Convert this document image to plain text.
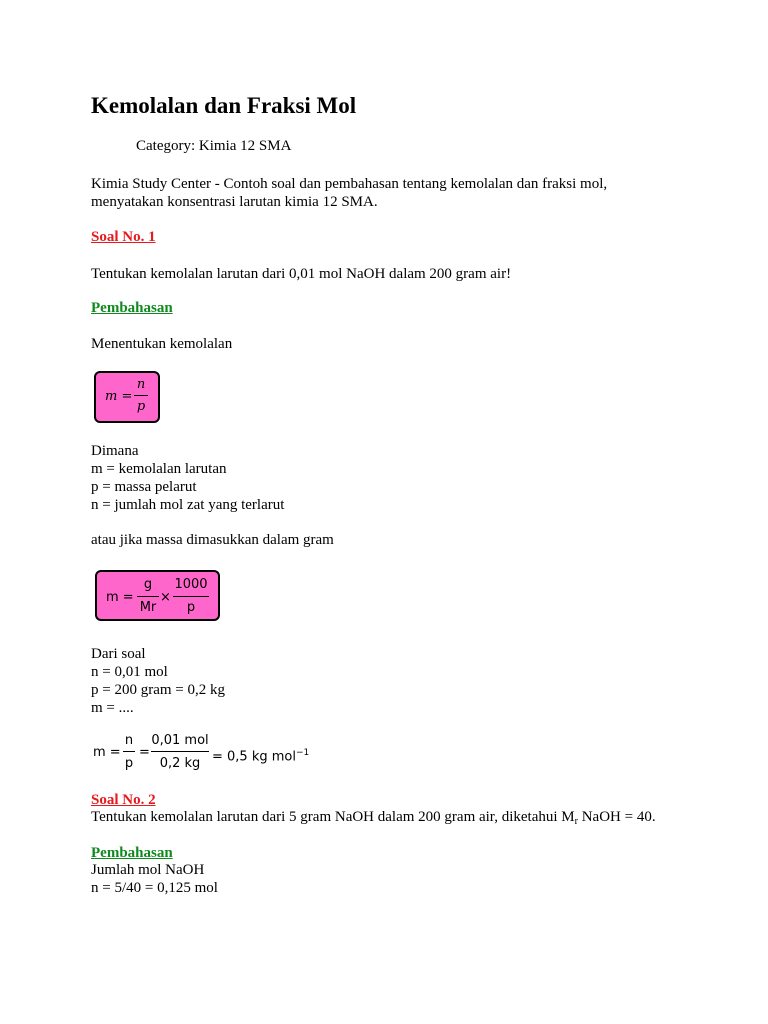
Kemolalan dan Fraksi Mol
Category: Kimia 12 SMA
Kimia Study Center - Contoh soal dan pembahasan tentang kemolalan dan fraksi mol,
menyatakan konsentrasi larutan kimia 12 SMA.
Soal No. 1
Tentukan kemolalan larutan dari 0,01 mol NaOH dalam 200 gram air!
Pembahasan
Menentukan kemolalan
m =
n
p
Dimana
m = kemolalan larutan
p = massa pelarut
n = jumlah mol zat yang terlarut
atau jika massa dimasukkan dalam gram
m =
g
Mr
×
1000
p
Dari soal
n = 0,01 mol
p = 200 gram = 0,2 kg
m = ....
m =
n
p
=
0,01 mol
0,2 kg = 0,5 kg mol$^{-1}$
Soal No. 2
Tentukan kemolalan larutan dari 5 gram NaOH dalam 200 gram air, diketahui $M_r$ NaOH = 40.
Pembahasan
Jumlah mol NaOH
n = 5/40 = 0,125 mol
